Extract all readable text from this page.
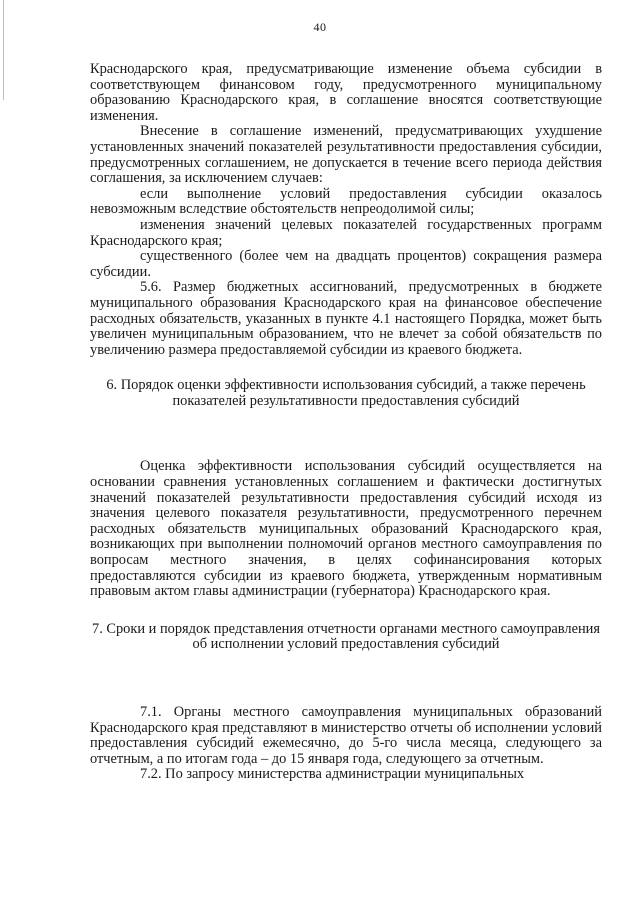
40

Краснодарского края, предусматривающие изменение объема субсидии в соответствующем финансовом году, предусмотренного муниципальному образованию Краснодарского края, в соглашение вносятся соответствующие изменения.

Внесение в соглашение изменений, предусматривающих ухудшение установленных значений показателей результативности предоставления субсидии, предусмотренных соглашением, не допускается в течение всего периода действия соглашения, за исключением случаев:

если выполнение условий предоставления субсидии оказалось невозможным вследствие обстоятельств непреодолимой силы;

изменения значений целевых показателей государственных программ Краснодарского края;

существенного (более чем на двадцать процентов) сокращения размера субсидии.

5.6. Размер бюджетных ассигнований, предусмотренных в бюджете муниципального образования Краснодарского края на финансовое обеспечение расходных обязательств, указанных в пункте 4.1 настоящего Порядка, может быть увеличен муниципальным образованием, что не влечет за собой обязательств по увеличению размера предоставляемой субсидии из краевого бюджета.

6. Порядок оценки эффективности использования субсидий, а также перечень показателей результативности предоставления субсидий

Оценка эффективности использования субсидий осуществляется на основании сравнения установленных соглашением и фактически достигнутых значений показателей результативности предоставления субсидий исходя из значения целевого показателя результативности, предусмотренного перечнем расходных обязательств муниципальных образований Краснодарского края, возникающих при выполнении полномочий органов местного самоуправления по вопросам местного значения, в целях софинансирования которых предоставляются субсидии из краевого бюджета, утвержденным нормативным правовым актом главы администрации (губернатора) Краснодарского края.

7. Сроки и порядок представления отчетности органами местного самоуправления об исполнении условий предоставления субсидий

7.1. Органы местного самоуправления муниципальных образований Краснодарского края представляют в министерство отчеты об исполнении условий предоставления субсидий ежемесячно, до 5-го числа месяца, следующего за отчетным, а по итогам года – до 15 января года, следующего за отчетным.

7.2. По запросу министерства администрации муниципальных
